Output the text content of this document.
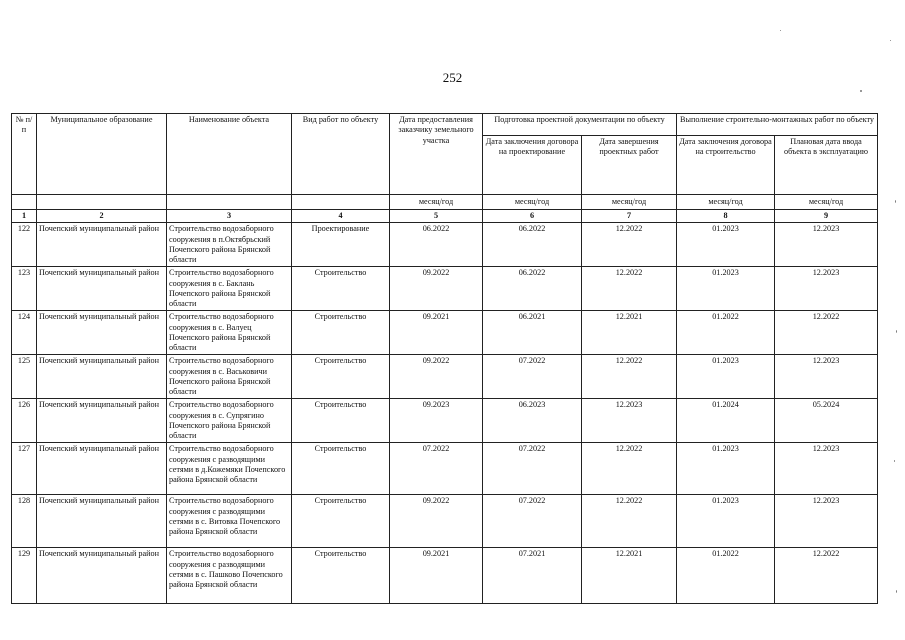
252
№ п/п	Муниципальное образование	Наименование объекта	Вид работ по объекту	Дата предоставления заказчику земельного участка	Подготовка проектной документации по объекту		Выполнение строительно-монтажных работ по объекту	
					Дата заключения договора на проектирование	Дата завершения проектных работ	Дата заключения договора на строительство	Плановая дата ввода объекта в эксплуатацию
				месяц/год	месяц/год	месяц/год	месяц/год	месяц/год
1	2	3	4	5	6	7	8	9
122	Почепский муниципальный район	Строительство водозаборного сооружения в п.Октябрьский Почепского района Брянской области	Проектирование	06.2022	06.2022	12.2022	01.2023	12.2023
123	Почепский муниципальный район	Строительство водозаборного сооружения в с. Баклань Почепского района Брянской области	Строительство	09.2022	06.2022	12.2022	01.2023	12.2023
124	Почепский муниципальный район	Строительство водозаборного сооружения в с. Валуец Почепского района Брянской области	Строительство	09.2021	06.2021	12.2021	01.2022	12.2022
125	Почепский муниципальный район	Строительство водозаборного сооружения в с. Васьковичи Почепского района Брянской области	Строительство	09.2022	07.2022	12.2022	01.2023	12.2023
126	Почепский муниципальный район	Строительство водозаборного сооружения в с. Супрягино Почепского района Брянской области	Строительство	09.2023	06.2023	12.2023	01.2024	05.2024
127	Почепский муниципальный район	Строительство водозаборного сооружения с разводящими сетями в д.Кожемяки Почепского района Брянской области	Строительство	07.2022	07.2022	12.2022	01.2023	12.2023
128	Почепский муниципальный район	Строительство водозаборного сооружения с разводящими сетями в с. Витовка Почепского района Брянской области	Строительство	09.2022	07.2022	12.2022	01.2023	12.2023
129	Почепский муниципальный район	Строительство водозаборного сооружения с разводящими сетями в с. Пашково Почепского района Брянской области	Строительство	09.2021	07.2021	12.2021	01.2022	12.2022
